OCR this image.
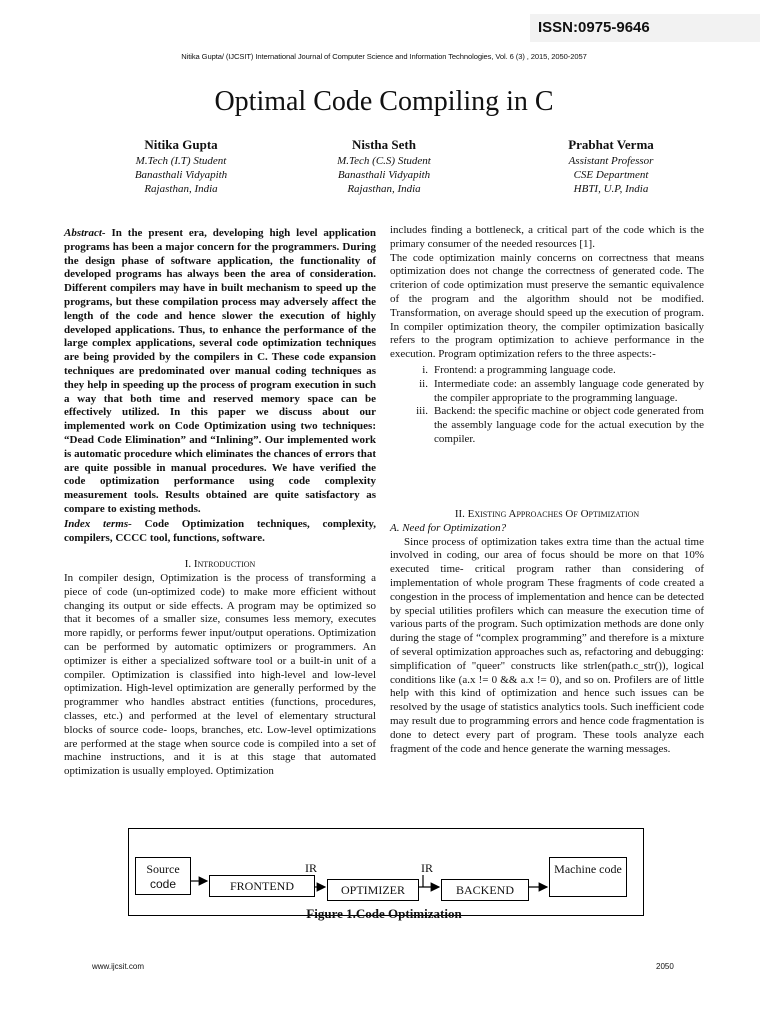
ISSN:0975-9646
Nitika Gupta/ (IJCSIT) International Journal of Computer Science and Information Technologies, Vol. 6 (3) , 2015, 2050-2057
Optimal Code Compiling in C
Nitika Gupta
M.Tech (I.T) Student
Banasthali Vidyapith
Rajasthan, India
Nistha Seth
M.Tech (C.S) Student
Banasthali Vidyapith
Rajasthan, India
Prabhat Verma
Assistant Professor
CSE Department
HBTI, U.P, India

Abstract- In the present era, developing high level application programs has been a major concern for the programmers. During the design phase of software application, the functionality of developed programs has always been the area of consideration. Different compilers may have in built mechanism to speed up the programs, but these compilation process may adversely affect the length of the code and hence slower the execution of highly developed applications. Thus, to enhance the performance of the large complex applications, several code optimization techniques are being provided by the compilers in C. These code expansion techniques are predominated over manual coding techniques as they help in speeding up the process of program execution in such a way that both time and reserved memory space can be effectively utilized. In this paper we discuss about our implemented work on Code Optimization using two techniques: “Dead Code Elimination” and “Inlining”. Our implemented work is automatic procedure which eliminates the chances of errors that are quite possible in manual procedures. We have verified the code optimization performance using code complexity measurement tools. Results obtained are quite satisfactory as compare to existing methods.

Index terms- Code Optimization techniques, complexity, compilers, CCCC tool, functions, software.

I. Introduction

In compiler design, Optimization is the process of transforming a piece of code (un-optimized code) to make more efficient without changing its output or side effects. A program may be optimized so that it becomes of a smaller size, consumes less memory, executes more rapidly, or performs fewer input/output operations. Optimization can be performed by automatic optimizers or programmers. An optimizer is either a specialized software tool or a built-in unit of a compiler. Optimization is classified into high-level and low-level optimization. High-level optimization are generally performed by the programmer who handles abstract entities (functions, procedures, classes, etc.) and performed at the level of elementary structural blocks of source code- loops, branches, etc. Low-level optimizations are performed at the stage when source code is compiled into a set of machine instructions, and it is at this stage that automated optimization is usually employed. Optimization

includes finding a bottleneck, a critical part of the code which is the primary consumer of the needed resources [1].

The code optimization mainly concerns on correctness that means optimization does not change the correctness of generated code. The criterion of code optimization must preserve the semantic equivalence of the program and the algorithm should not be modified. Transformation, on average should speed up the execution of program. In compiler optimization theory, the compiler optimization basically refers to the program optimization to achieve performance in the execution. Program optimization refers to the three aspects:-

i. Frontend: a programming language code.
ii. Intermediate code: an assembly language code generated by the compiler appropriate to the programming language.
iii. Backend: the specific machine or object code generated from the assembly language code for the actual execution by the compiler.

II. Existing Approaches Of Optimization

A. Need for Optimization?

Since process of optimization takes extra time than the actual time involved in coding, our area of focus should be more on that 10% executed time- critical program rather than considering of implementation of whole program These fragments of code created a congestion in the process of implementation and hence can be detected by special utilities profilers which can measure the execution time of various parts of the program. Such optimization methods are done only during the stage of “complex programming” and therefore is a mixture of several optimization approaches such as, refactoring and debugging: simplification of "queer" constructs like strlen(path.c_str()), logical conditions like (a.x != 0 && a.x != 0), and so on. Profilers are of little help with this kind of optimization and hence such issues can be resolved by the usage of statistics analytics tools. Such inefficient code may result due to programming errors and hence code fragmentation is done to detect every part of program. These tools analyze each fragment of the code and hence generate the warning messages.

Source
code	FRONTEND
IR
OPTIMIZER
IR
BACKEND
Machine code
Figure 1.Code Optimization
www.ijcsit.com	2050
